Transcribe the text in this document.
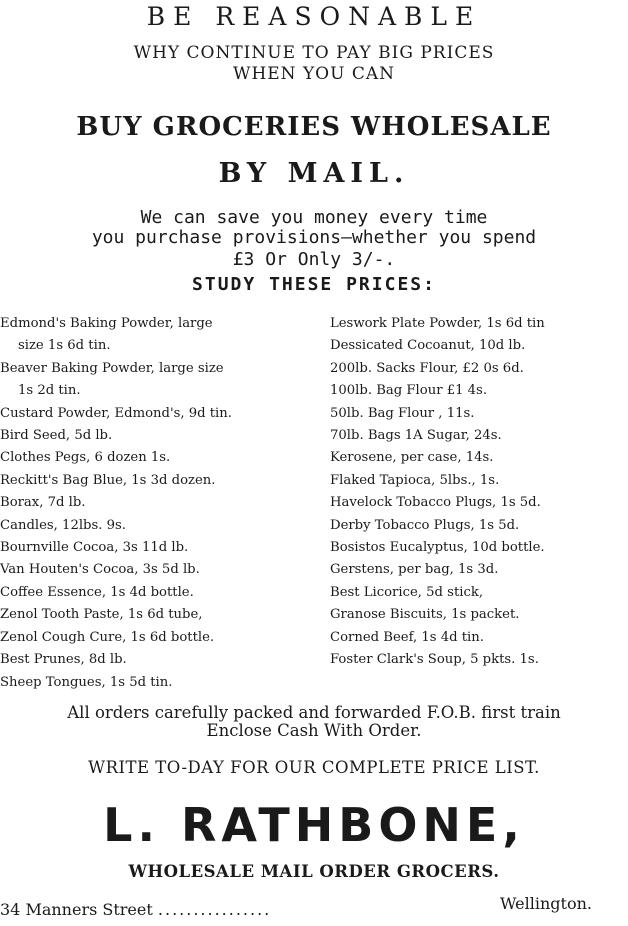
BE REASONABLE
WHY CONTINUE TO PAY BIG PRICES
WHEN YOU CAN
BUY GROCERIES WHOLESALE
BY MAIL.
We can save you money every time
you purchase provisions—whether you spend
£3 Or Only 3/-.
STUDY THESE PRICES:
Edmond's Baking Powder, large
size 1s 6d tin.
Beaver Baking Powder, large size
1s 2d tin.
Custard Powder, Edmond's, 9d tin.
Bird Seed, 5d lb.
Clothes Pegs, 6 dozen 1s.
Reckitt's Bag Blue, 1s 3d dozen.
Borax, 7d lb.
Candles, 12lbs. 9s.
Bournville Cocoa, 3s 11d lb.
Van Houten's Cocoa, 3s 5d lb.
Coffee Essence, 1s 4d bottle.
Zenol Tooth Paste, 1s 6d tube,
Zenol Cough Cure, 1s 6d bottle.
Best Prunes, 8d lb.
Sheep Tongues, 1s 5d tin.
Leswork Plate Powder, 1s 6d tin
Dessicated Cocoanut, 10d lb.
200lb. Sacks Flour, £2 0s 6d.
100lb. Bag Flour £1 4s.
50lb. Bag Flour , 11s.
70lb. Bags 1A Sugar, 24s.
Kerosene, per case, 14s.
Flaked Tapioca, 5lbs., 1s.
Havelock Tobacco Plugs, 1s 5d.
Derby Tobacco Plugs, 1s 5d.
Bosistos Eucalyptus, 10d bottle.
Gerstens, per bag, 1s 3d.
Best Licorice, 5d stick,
Granose Biscuits, 1s packet.
Corned Beef, 1s 4d tin.
Foster Clark's Soup, 5 pkts. 1s.
All orders carefully packed and forwarded F.O.B. first train
Enclose Cash With Order.
WRITE TO-DAY FOR OUR COMPLETE PRICE LIST.
L. RATHBONE,
WHOLESALE MAIL ORDER GROCERS.
34 Manners Street ................	Wellington.
